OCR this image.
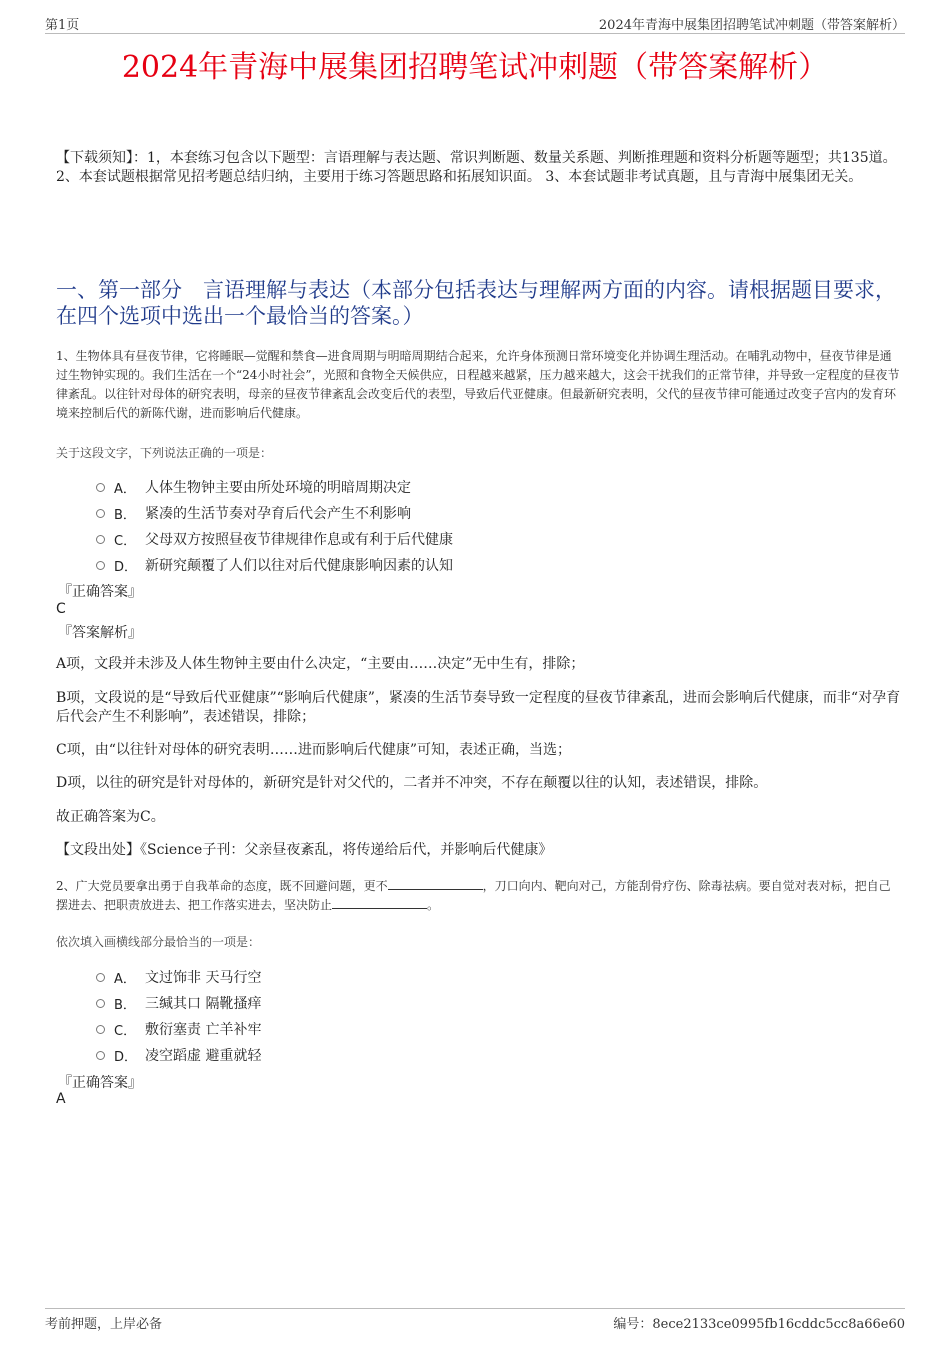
第1页	2024年青海中展集团招聘笔试冲刺题（带答案解析）
2024年青海中展集团招聘笔试冲刺题（带答案解析）
【下载须知】：1，本套练习包含以下题型：言语理解与表达题、常识判断题、数量关系题、判断推理题和资料分析题等题型；共135道。 2、本套试题根据常见招考题总结归纳，主要用于练习答题思路和拓展知识面。 3、本套试题非考试真题，且与青海中展集团无关。
一、第一部分　言语理解与表达（本部分包括表达与理解两方面的内容。请根据题目要求，在四个选项中选出一个最恰当的答案。）
1、生物体具有昼夜节律，它将睡眠—觉醒和禁食—进食周期与明暗周期结合起来，允许身体预测日常环境变化并协调生理活动。在哺乳动物中，昼夜节律是通过生物钟实现的。我们生活在一个“24小时社会”，光照和食物全天候供应，日程越来越紧，压力越来越大，这会干扰我们的正常节律，并导致一定程度的昼夜节律紊乱。以往针对母体的研究表明，母亲的昼夜节律紊乱会改变后代的表型，导致后代亚健康。但最新研究表明，父代的昼夜节律可能通过改变子宫内的发育环境来控制后代的新陈代谢，进而影响后代健康。
关于这段文字，下列说法正确的一项是：
A． 人体生物钟主要由所处环境的明暗周期决定
B． 紧凑的生活节奏对孕育后代会产生不利影响
C． 父母双方按照昼夜节律规律作息或有利于后代健康
D． 新研究颠覆了人们以往对后代健康影响因素的认知
『正确答案』
C
『答案解析』
A项，文段并未涉及人体生物钟主要由什么决定，“主要由……决定”无中生有，排除；
B项，文段说的是“导致后代亚健康”“影响后代健康”，紧凑的生活节奏导致一定程度的昼夜节律紊乱，进而会影响后代健康，而非“对孕育后代会产生不利影响”，表述错误，排除；
C项，由“以往针对母体的研究表明……进而影响后代健康”可知，表述正确，当选；
D项，以往的研究是针对母体的，新研究是针对父代的，二者并不冲突，不存在颠覆以往的认知，表述错误，排除。
故正确答案为C。
【文段出处】《Science子刊：父亲昼夜紊乱，将传递给后代，并影响后代健康》
2、广大党员要拿出勇于自我革命的态度，既不回避问题，更不	，刀口向内、靶向对己，方能刮骨疗伤、除毒祛病。要自觉对表对标，把自己摆进去、把职责放进去、把工作落实进去，坚决防止	。
依次填入画横线部分最恰当的一项是：
A． 文过饰非 天马行空
B． 三缄其口 隔靴搔痒
C． 敷衍塞责 亡羊补牢
D． 凌空蹈虚 避重就轻
『正确答案』
A
考前押题，上岸必备	编号：8ece2133ce0995fb16cddc5cc8a66e60
